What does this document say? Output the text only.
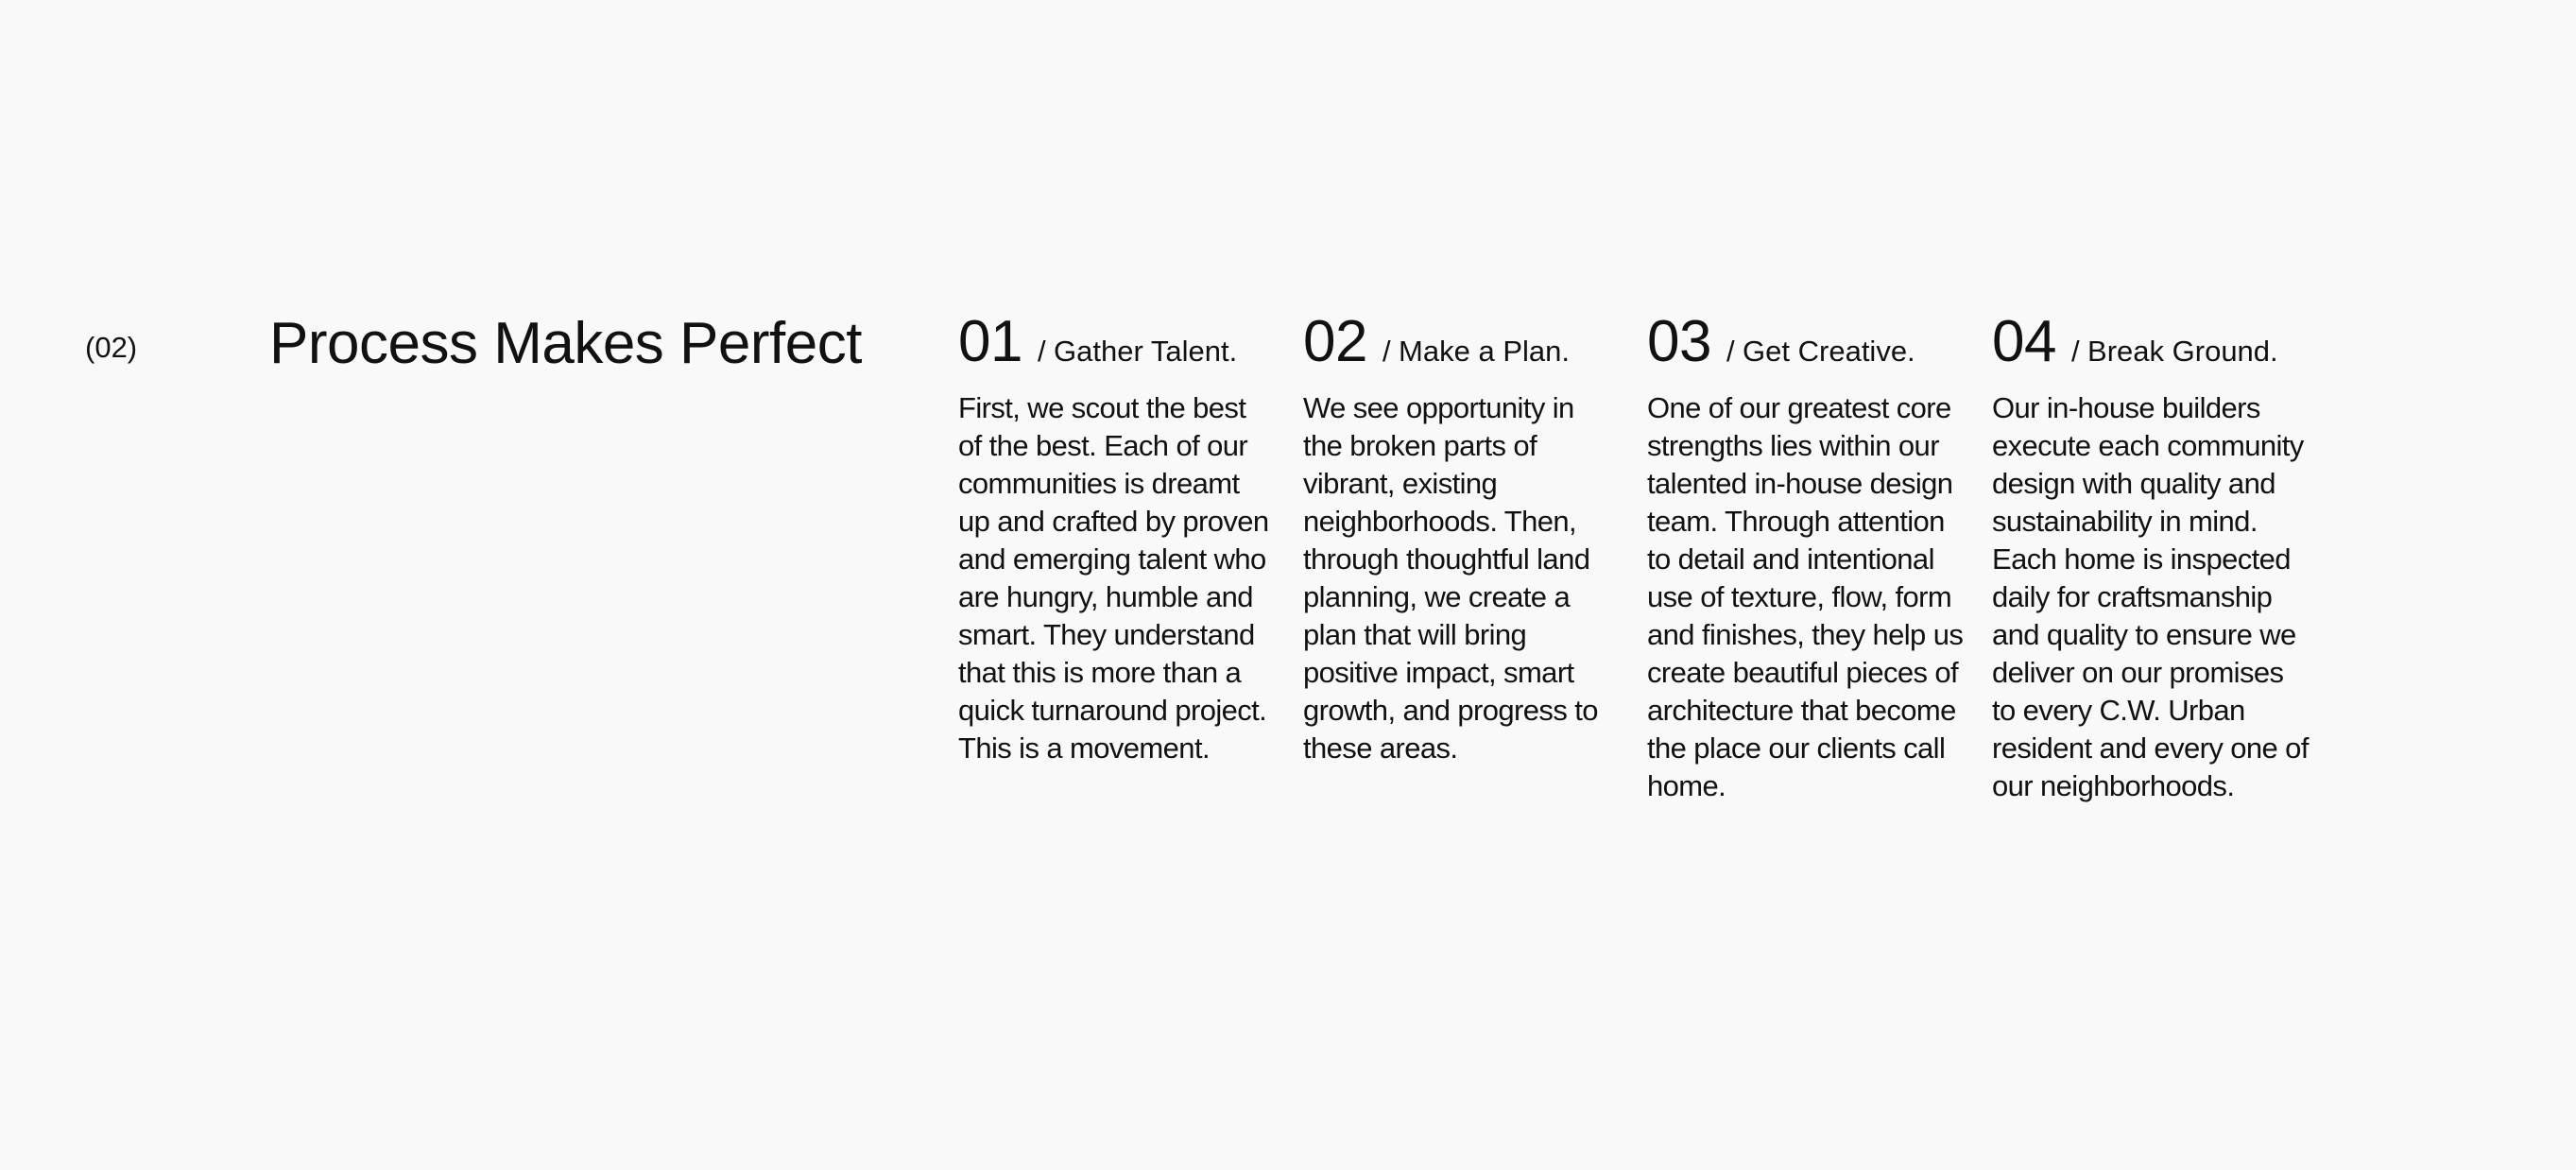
(02) Process Makes Perfect 01 / Gather Talent.
First, we scout the best of the best. Each of our communities is dreamt up and crafted by proven and emerging talent who are hungry, humble and smart. They understand that this is more than a quick turnaround project. This is a movement.
02 / Make a Plan.
We see opportunity in the broken parts of vibrant, existing neighborhoods. Then, through thoughtful land planning, we create a plan that will bring positive impact, smart growth, and progress to these areas.
03 / Get Creative.
One of our greatest core strengths lies within our talented in-house design team. Through attention to detail and intentional use of texture, flow, form and finishes, they help us create beautiful pieces of architecture that become the place our clients call home.
04 / Break Ground.
Our in-house builders execute each community design with quality and sustainability in mind. Each home is inspected daily for craftsmanship and quality to ensure we deliver on our promises to every C.W. Urban resident and every one of our neighborhoods.
